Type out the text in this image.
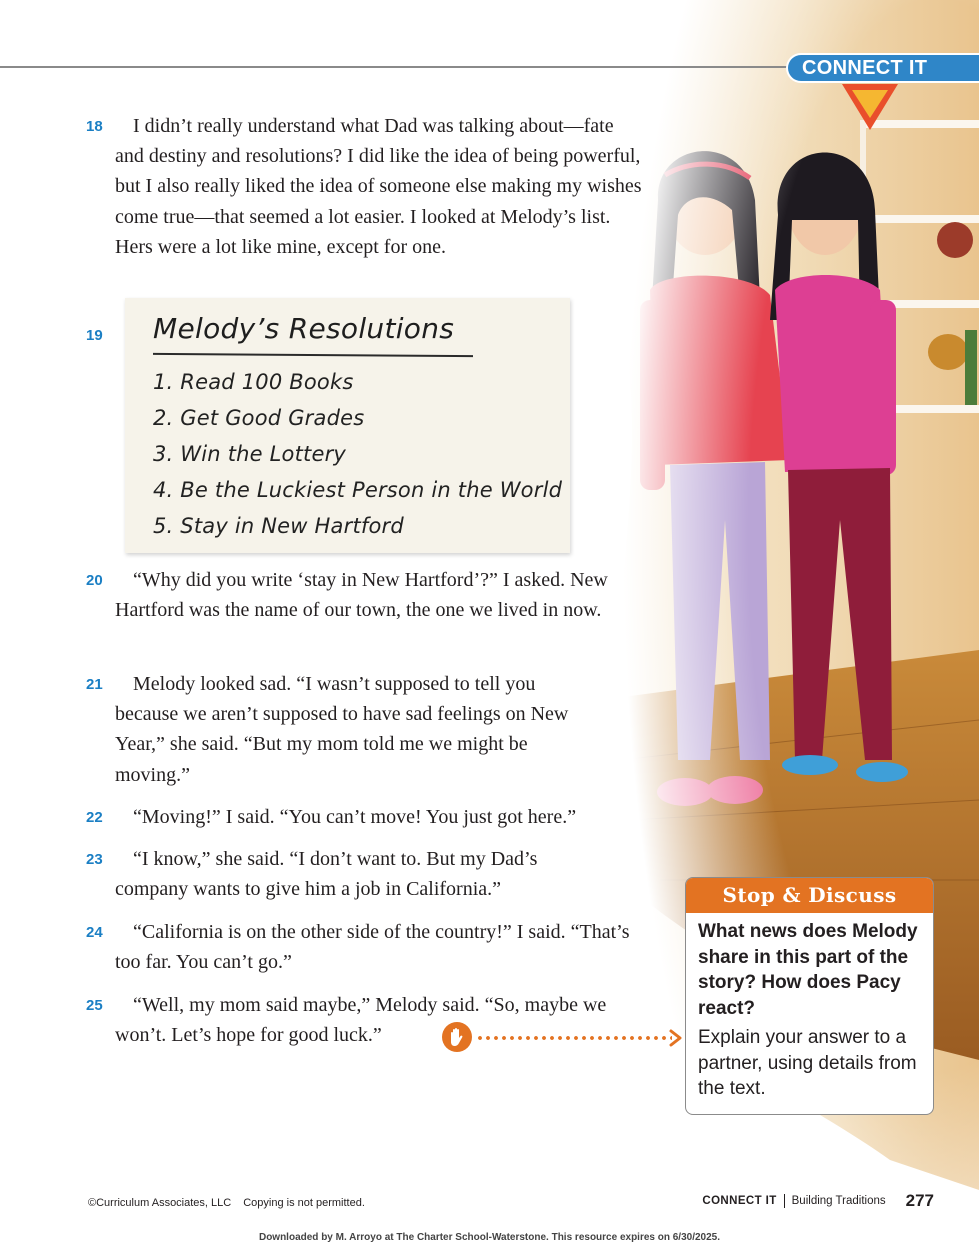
CONNECT IT
18	I didn’t really understand what Dad was talking about—fate and destiny and resolutions? I did like the idea of being powerful, but I also really liked the idea of someone else making my wishes come true—that seemed a lot easier. I looked at Melody’s list. Hers were a lot like mine, except for one.
19 Melody’s Resolutions
1. Read 100 Books
2. Get Good Grades
3. Win the Lottery
4. Be the Luckiest Person in the World
5. Stay in New Hartford
20	“Why did you write ‘stay in New Hartford’?” I asked. New Hartford was the name of our town, the one we lived in now.
21	Melody looked sad. “I wasn’t supposed to tell you because we aren’t supposed to have sad feelings on New Year,” she said. “But my mom told me we might be moving.”
22	“Moving!” I said. “You can’t move! You just got here.”
23	“I know,” she said. “I don’t want to. But my Dad’s company wants to give him a job in California.”
24	“California is on the other side of the country!” I said. “That’s too far. You can’t go.”
25	“Well, my mom said maybe,” Melody said. “So, maybe we won’t. Let’s hope for good luck.”
Stop & Discuss
What news does Melody share in this part of the story? How does Pacy react?
Explain your answer to a partner, using details from the text.
©Curriculum Associates, LLC Copying is not permitted.	CONNECT IT Building Traditions 277
Downloaded by M. Arroyo at The Charter School-Waterstone. This resource expires on 6/30/2025.
